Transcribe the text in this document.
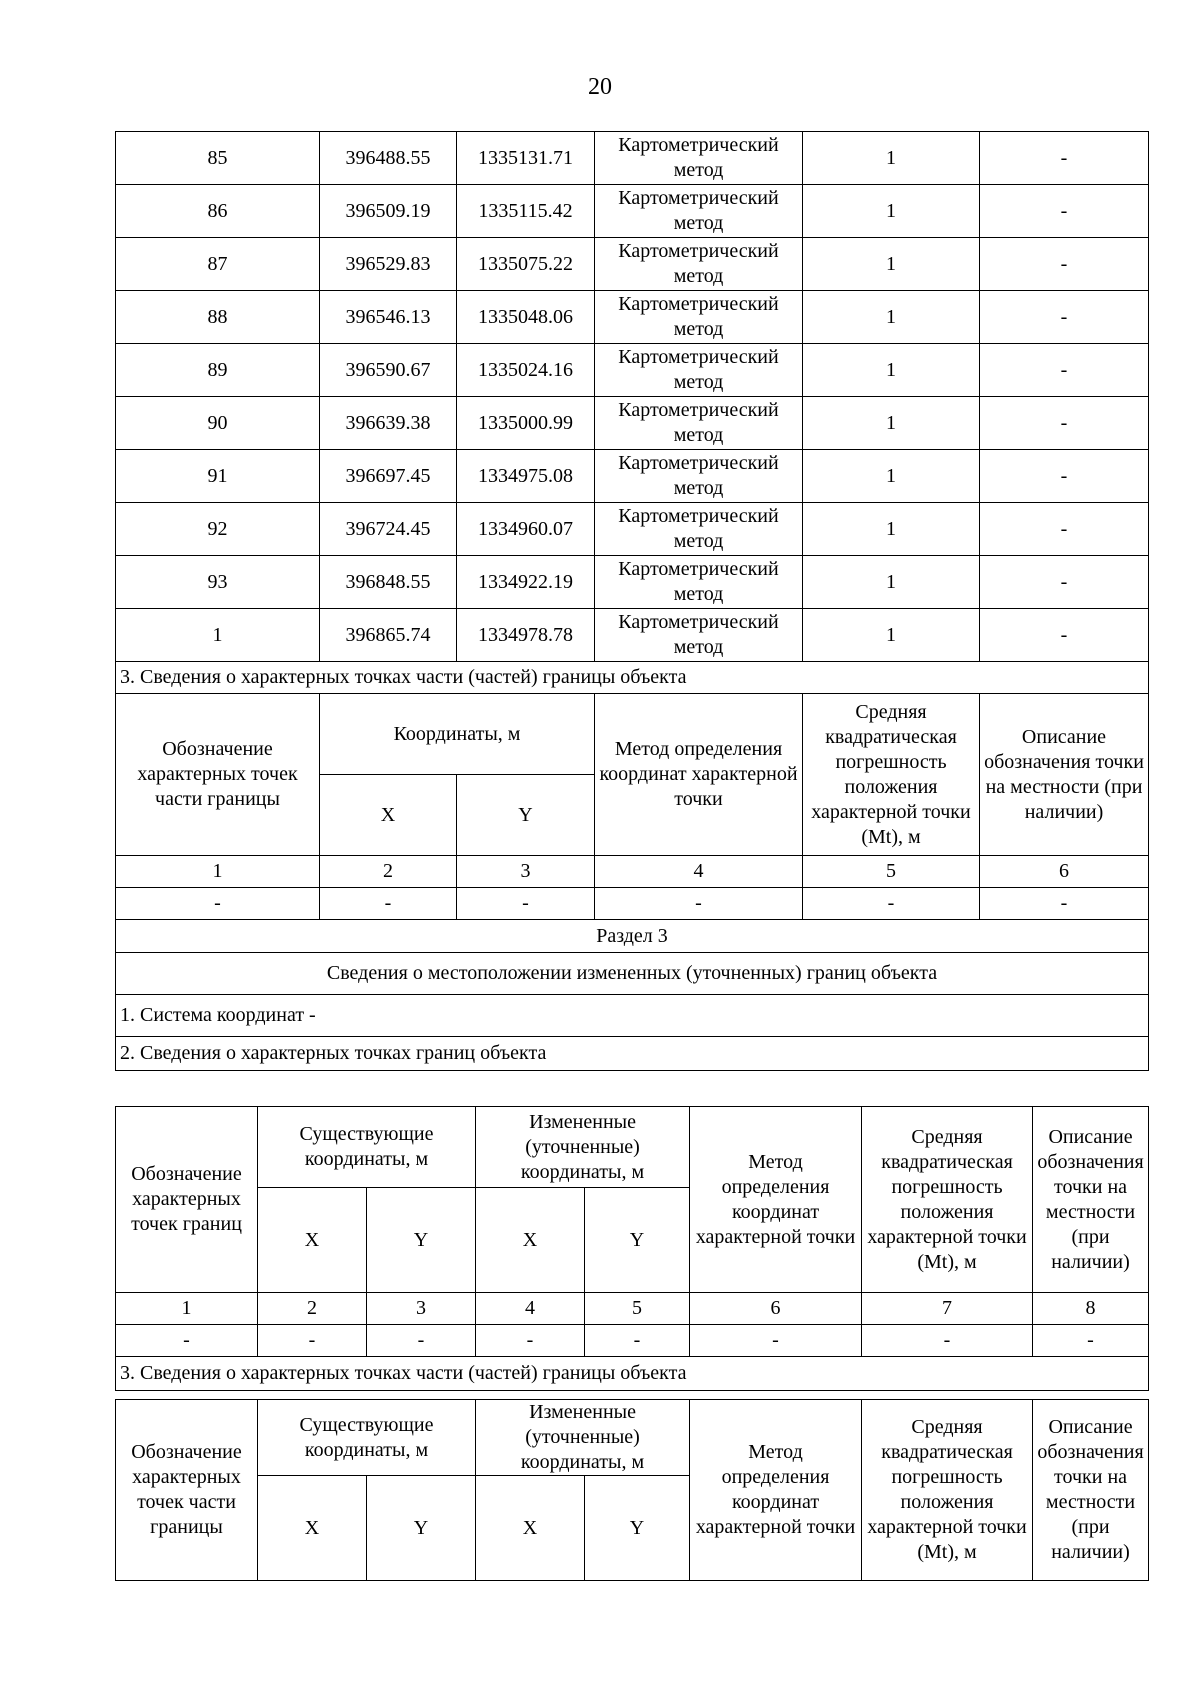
20
85	396488.55	1335131.71	Картометрический метод	1	-
86	396509.19	1335115.42	Картометрический метод	1	-
87	396529.83	1335075.22	Картометрический метод	1	-
88	396546.13	1335048.06	Картометрический метод	1	-
89	396590.67	1335024.16	Картометрический метод	1	-
90	396639.38	1335000.99	Картометрический метод	1	-
91	396697.45	1334975.08	Картометрический метод	1	-
92	396724.45	1334960.07	Картометрический метод	1	-
93	396848.55	1334922.19	Картометрический метод	1	-
1	396865.74	1334978.78	Картометрический метод	1	-
3. Сведения о характерных точках части (частей) границы объекта					
Обозначение характерных точек части границы	Координаты, м		Метод определения координат характерной точки	Средняя квадратическая погрешность положения характерной точки (Mt), м	Описание обозначения точки на местности (при наличии)
	X	Y			
1	2	3	4	5	6
-	-	-	-	-	-
Раздел 3					
Сведения о местоположении измененных (уточненных) границ объекта					
1. Система координат -					
2. Сведения о характерных точках границ объекта					
Обозначение характерных точек границ	Существующие координаты, м		Измененные (уточненные) координаты, м		Метод определения координат характерной точки	Средняя квадратическая погрешность положения характерной точки (Mt), м	Описание обозначения точки на местности (при наличии)
	X	Y	X	Y			
1	2	3	4	5	6	7	8
-	-	-	-	-	-	-	-
3. Сведения о характерных точках части (частей) границы объекта							
Обозначение характерных точек части границы	Существующие координаты, м		Измененные (уточненные) координаты, м		Метод определения координат характерной точки	Средняя квадратическая погрешность положения характерной точки (Mt), м	Описание обозначения точки на местности (при наличии)
	X	Y	X	Y			
